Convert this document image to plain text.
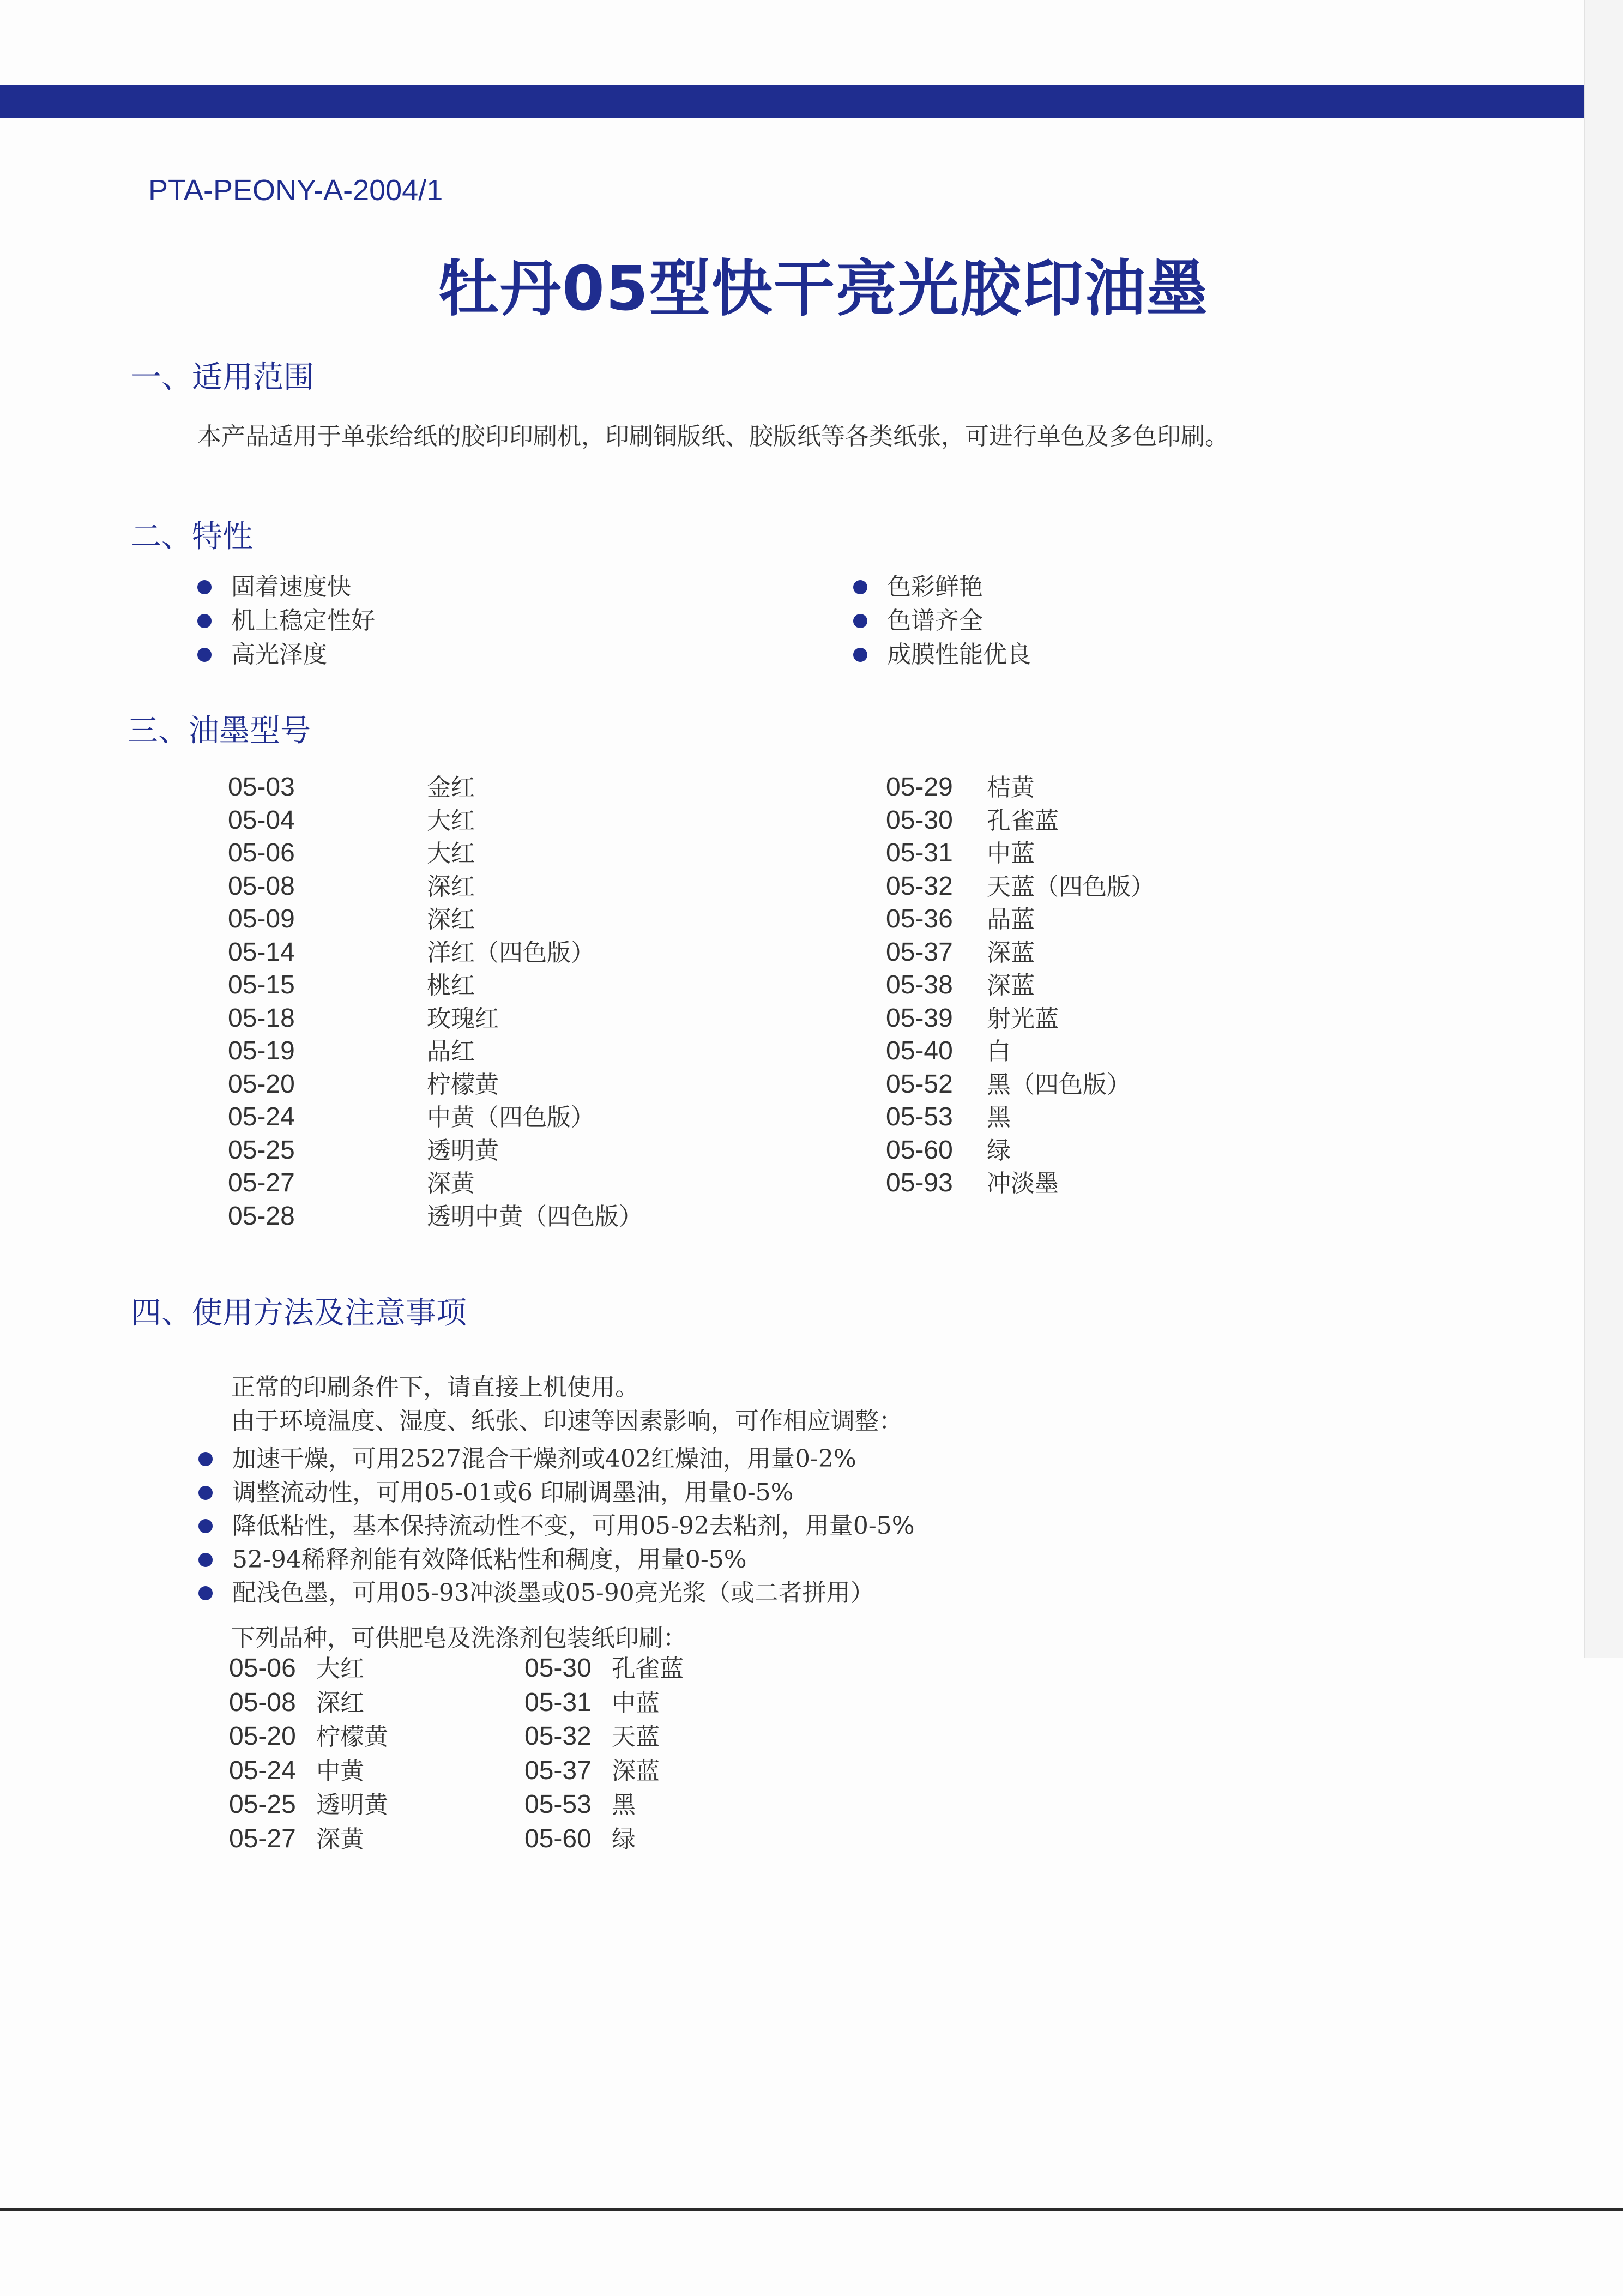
PTA-PEONY-A-2004/1
牡丹05型快干亮光胶印油墨
一、适用范围
本产品适用于单张给纸的胶印印刷机，印刷铜版纸、胶版纸等各类纸张，可进行单色及多色印刷。
二、特性
固着速度快
机上稳定性好
高光泽度
色彩鲜艳
色谱齐全
成膜性能优良
三、油墨型号
05-03	金红
05-04	大红
05-06	大红
05-08	深红
05-09	深红
05-14	洋红（四色版）
05-15	桃红
05-18	玫瑰红
05-19	品红
05-20	柠檬黄
05-24	中黄（四色版）
05-25	透明黄
05-27	深黄
05-28	透明中黄（四色版）
05-29 桔黄
05-30 孔雀蓝
05-31 中蓝
05-32 天蓝（四色版）
05-36 品蓝
05-37 深蓝
05-38 深蓝
05-39 射光蓝
05-40 白
05-52 黑（四色版）
05-53 黑
05-60 绿
05-93 冲淡墨
四、使用方法及注意事项
正常的印刷条件下，请直接上机使用。
由于环境温度、湿度、纸张、印速等因素影响，可作相应调整：
加速干燥，可用2527混合干燥剂或402红燥油，用量0-2%
调整流动性，可用05-01或6 印刷调墨油，用量0-5%
降低粘性，基本保持流动性不变，可用05-92去粘剂，用量0-5%
52-94稀释剂能有效降低粘性和稠度，用量0-5%
配浅色墨，可用05-93冲淡墨或05-90亮光浆（或二者拼用）
下列品种，可供肥皂及洗涤剂包装纸印刷：
05-06 大红
05-08 深红
05-20 柠檬黄
05-24 中黄
05-25 透明黄
05-27 深黄
05-30 孔雀蓝
05-31 中蓝
05-32 天蓝
05-37 深蓝
05-53 黑
05-60 绿
